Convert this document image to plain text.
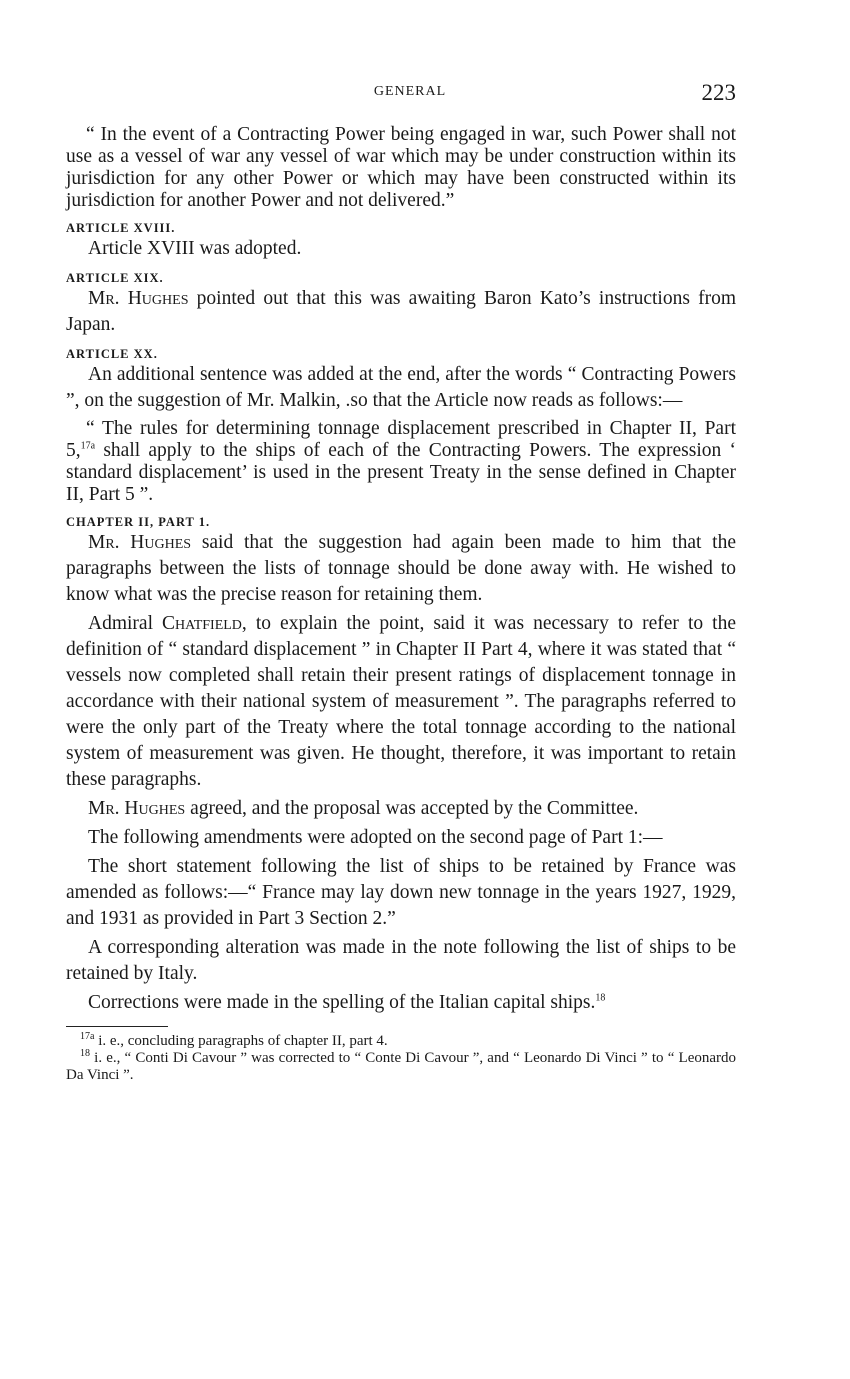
GENERAL	223

“ In the event of a Contracting Power being engaged in war, such Power shall not use as a vessel of war any vessel of war which may be under construction within its jurisdiction for any other Power or which may have been constructed within its jurisdiction for another Power and not delivered.”

ARTICLE XVIII.

Article XVIII was adopted.

ARTICLE XIX.

Mr. Hughes pointed out that this was awaiting Baron Kato’s instructions from Japan.

ARTICLE XX.

An additional sentence was added at the end, after the words “ Contracting Powers ”, on the suggestion of Mr. Malkin, .so that the Article now reads as follows:—

“ The rules for determining tonnage displacement prescribed in Chapter II, Part 5,$^{17a}$ shall apply to the ships of each of the Contracting Powers. The expression ‘ standard displacement’ is used in the present Treaty in the sense defined in Chapter II, Part 5 ”.

CHAPTER II, PART 1.

Mr. Hughes said that the suggestion had again been made to him that the paragraphs between the lists of tonnage should be done away with. He wished to know what was the precise reason for retaining them.

Admiral Chatfield, to explain the point, said it was necessary to refer to the definition of “ standard displacement ” in Chapter II Part 4, where it was stated that “ vessels now completed shall retain their present ratings of displacement tonnage in accordance with their national system of measurement ”. The paragraphs referred to were the only part of the Treaty where the total tonnage according to the national system of measurement was given. He thought, therefore, it was important to retain these paragraphs.

Mr. Hughes agreed, and the proposal was accepted by the Committee.

The following amendments were adopted on the second page of Part 1:—

The short statement following the list of ships to be retained by France was amended as follows:—“ France may lay down new tonnage in the years 1927, 1929, and 1931 as provided in Part 3 Section 2.”

A corresponding alteration was made in the note following the list of ships to be retained by Italy.

Corrections were made in the spelling of the Italian capital ships.$^{18}$

$^{17a}$ i. e., concluding paragraphs of chapter II, part 4.

$^{18}$ i. e., “ Conti Di Cavour ” was corrected to “ Conte Di Cavour ”, and “ Leonardo Di Vinci ” to “ Leonardo Da Vinci ”.
